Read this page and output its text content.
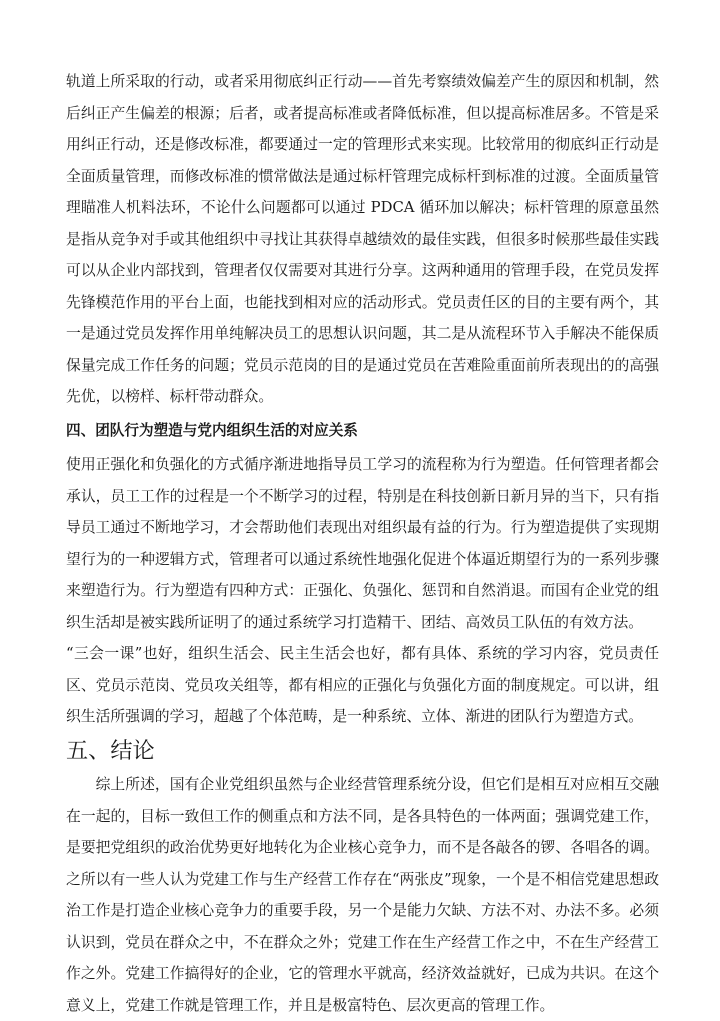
轨道上所采取的行动，或者采用彻底纠正行动——首先考察绩效偏差产生的原因和机制，然后纠正产生偏差的根源；后者，或者提高标准或者降低标准，但以提高标准居多。不管是采用纠正行动，还是修改标准，都要通过一定的管理形式来实现。比较常用的彻底纠正行动是全面质量管理，而修改标准的惯常做法是通过标杆管理完成标杆到标准的过渡。全面质量管理瞄准人机料法环，不论什么问题都可以通过 PDCA 循环加以解决；标杆管理的原意虽然是指从竞争对手或其他组织中寻找让其获得卓越绩效的最佳实践，但很多时候那些最佳实践可以从企业内部找到，管理者仅仅需要对其进行分享。这两种通用的管理手段，在党员发挥先锋模范作用的平台上面，也能找到相对应的活动形式。党员责任区的目的主要有两个，其一是通过党员发挥作用单纯解决员工的思想认识问题，其二是从流程环节入手解决不能保质保量完成工作任务的问题；党员示范岗的目的是通过党员在苦难险重面前所表现出的的高强先优，以榜样、标杆带动群众。

四、团队行为塑造与党内组织生活的对应关系

使用正强化和负强化的方式循序渐进地指导员工学习的流程称为行为塑造。任何管理者都会承认，员工工作的过程是一个不断学习的过程，特别是在科技创新日新月异的当下，只有指导员工通过不断地学习，才会帮助他们表现出对组织最有益的行为。行为塑造提供了实现期望行为的一种逻辑方式，管理者可以通过系统性地强化促进个体逼近期望行为的一系列步骤来塑造行为。行为塑造有四种方式：正强化、负强化、惩罚和自然消退。而国有企业党的组织生活却是被实践所证明了的通过系统学习打造精干、团结、高效员工队伍的有效方法。

“三会一课”也好，组织生活会、民主生活会也好，都有具体、系统的学习内容，党员责任区、党员示范岗、党员攻关组等，都有相应的正强化与负强化方面的制度规定。可以讲，组织生活所强调的学习，超越了个体范畴，是一种系统、立体、渐进的团队行为塑造方式。

五、结论

综上所述，国有企业党组织虽然与企业经营管理系统分设，但它们是相互对应相互交融在一起的，目标一致但工作的侧重点和方法不同，是各具特色的一体两面；强调党建工作，是要把党组织的政治优势更好地转化为企业核心竞争力，而不是各敲各的锣、各唱各的调。之所以有一些人认为党建工作与生产经营工作存在“两张皮”现象，一个是不相信党建思想政治工作是打造企业核心竞争力的重要手段，另一个是能力欠缺、方法不对、办法不多。必须认识到，党员在群众之中，不在群众之外；党建工作在生产经营工作之中，不在生产经营工作之外。党建工作搞得好的企业，它的管理水平就高，经济效益就好，已成为共识。在这个意义上，党建工作就是管理工作，并且是极富特色、层次更高的管理工作。
